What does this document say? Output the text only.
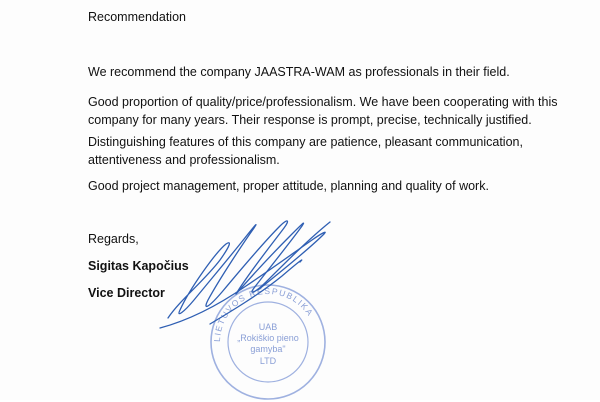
Recommendation

We recommend the company JAASTRA-WAM as professionals in their field.

Good proportion of quality/price/professionalism. We have been cooperating with this company for many years. Their response is prompt, precise, technically justified.

Distinguishing features of this company are patience, pleasant communication, attentiveness and professionalism.

Good project management, proper attitude, planning and quality of work.

Regards,
Sigitas Kapočius
Vice Director
LIETUVOS RESPUBLIKA
UAB
„Rokiškio pieno
gamyba"
LTD
